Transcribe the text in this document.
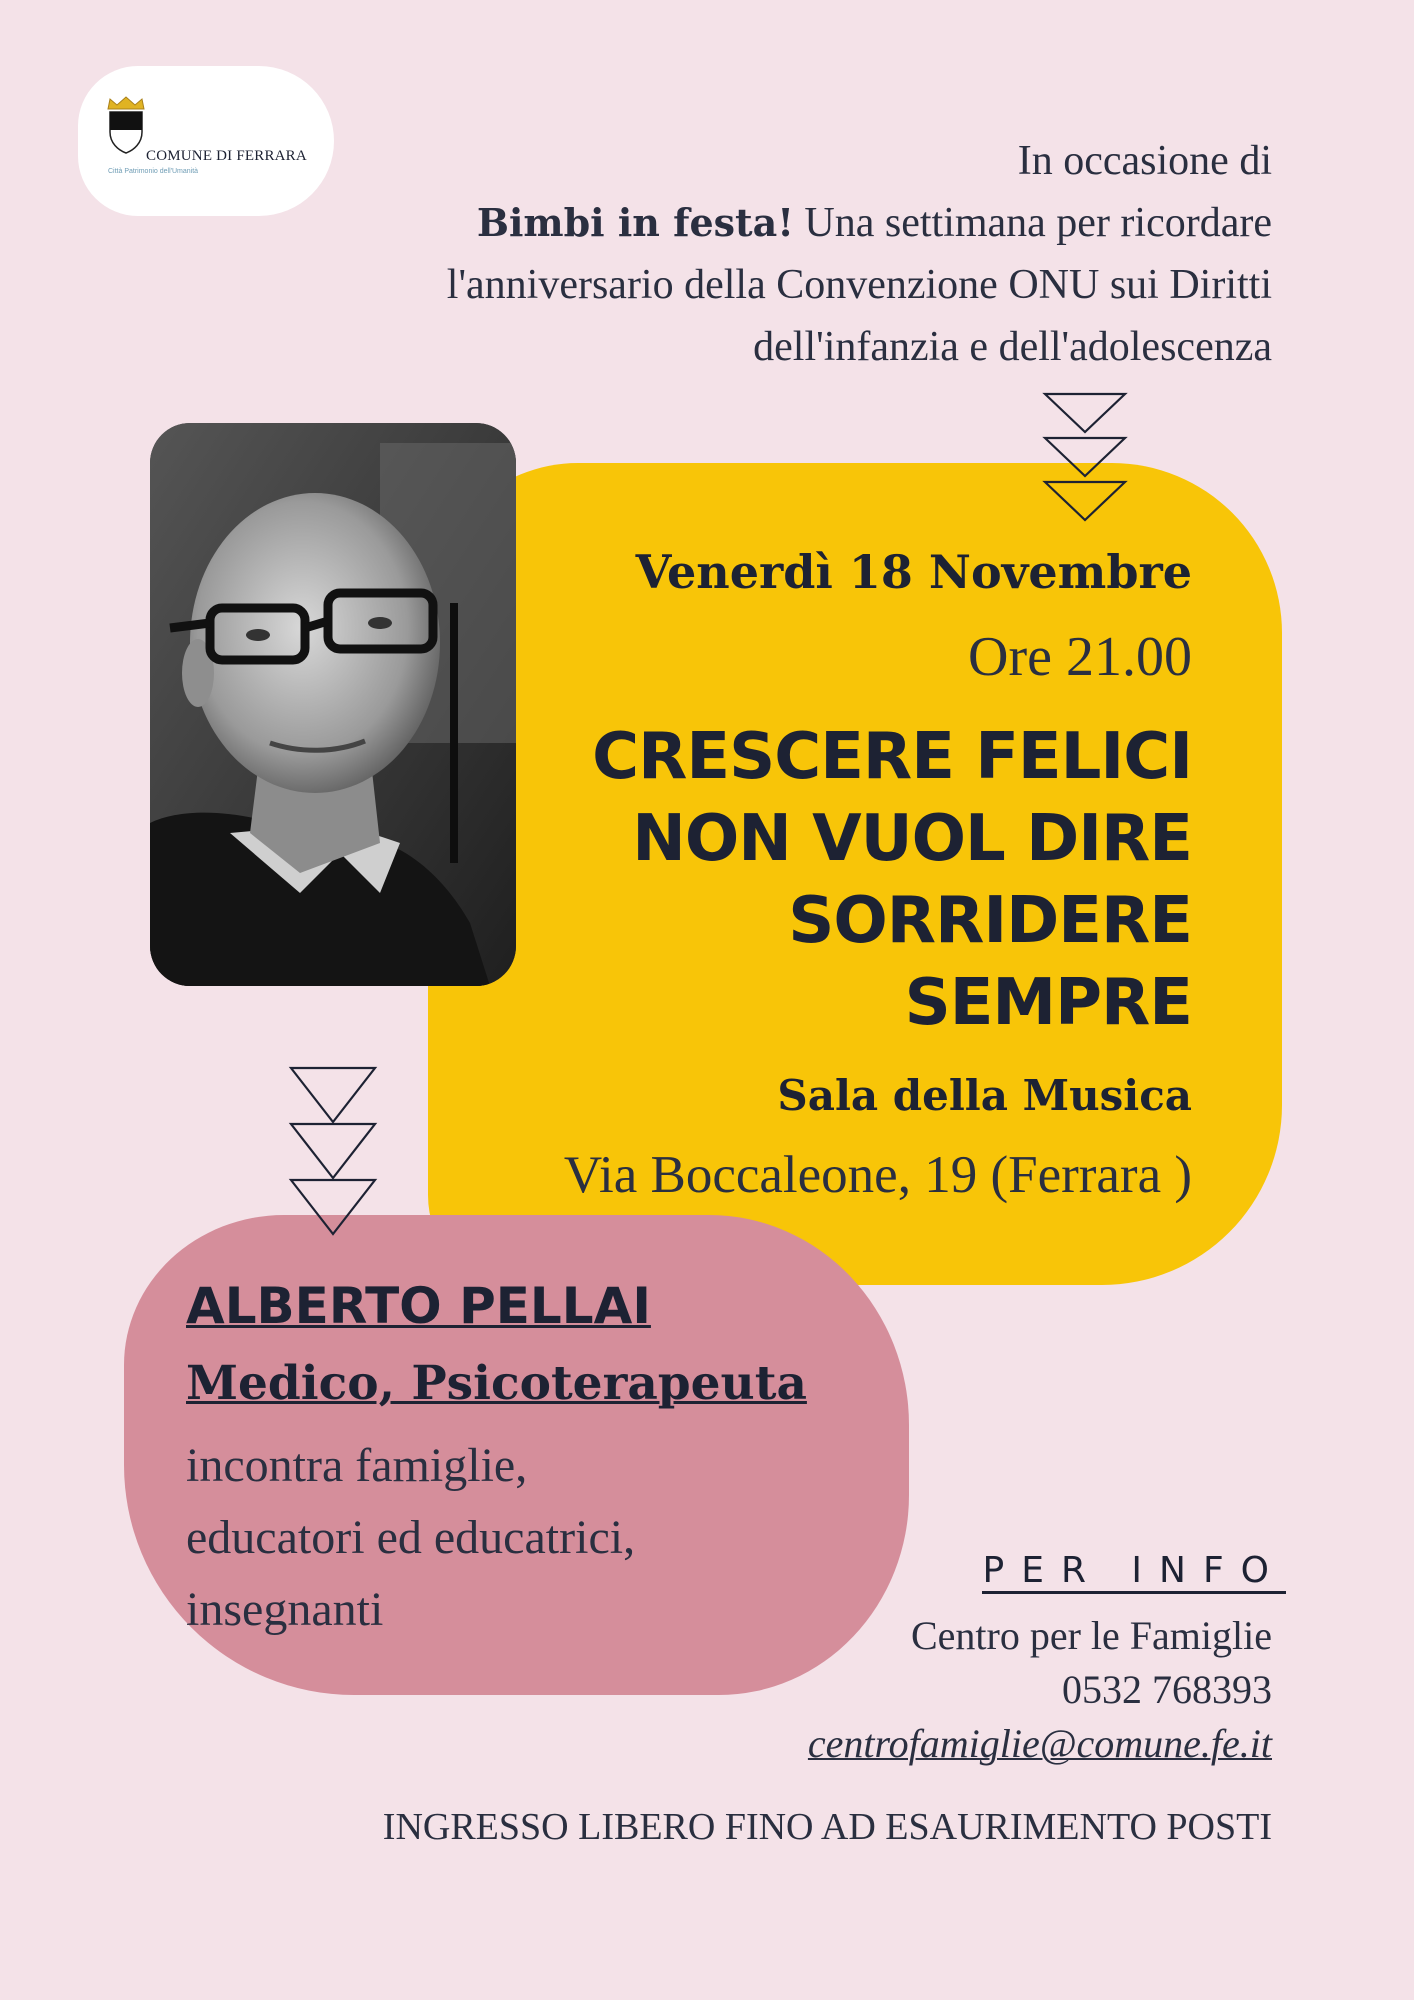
COMUNE DI FERRARA
Città Patrimonio dell'Umanità	In occasione di
Bimbi in festa! Una settimana per ricordare
l'anniversario della Convenzione ONU sui Diritti
dell'infanzia e dell'adolescenza
Venerdì 18 Novembre
Ore 21.00
CRESCERE FELICI
NON VUOL DIRE
SORRIDERE
SEMPRE
Sala della Musica
Via Boccaleone, 19 (Ferrara )
ALBERTO PELLAI
Medico, Psicoterapeuta
incontra famiglie,
educatori ed educatrici,
insegnanti
PER INFO
Centro per le Famiglie
0532 768393
centrofamiglie@comune.fe.it
INGRESSO LIBERO FINO AD ESAURIMENTO POSTI
